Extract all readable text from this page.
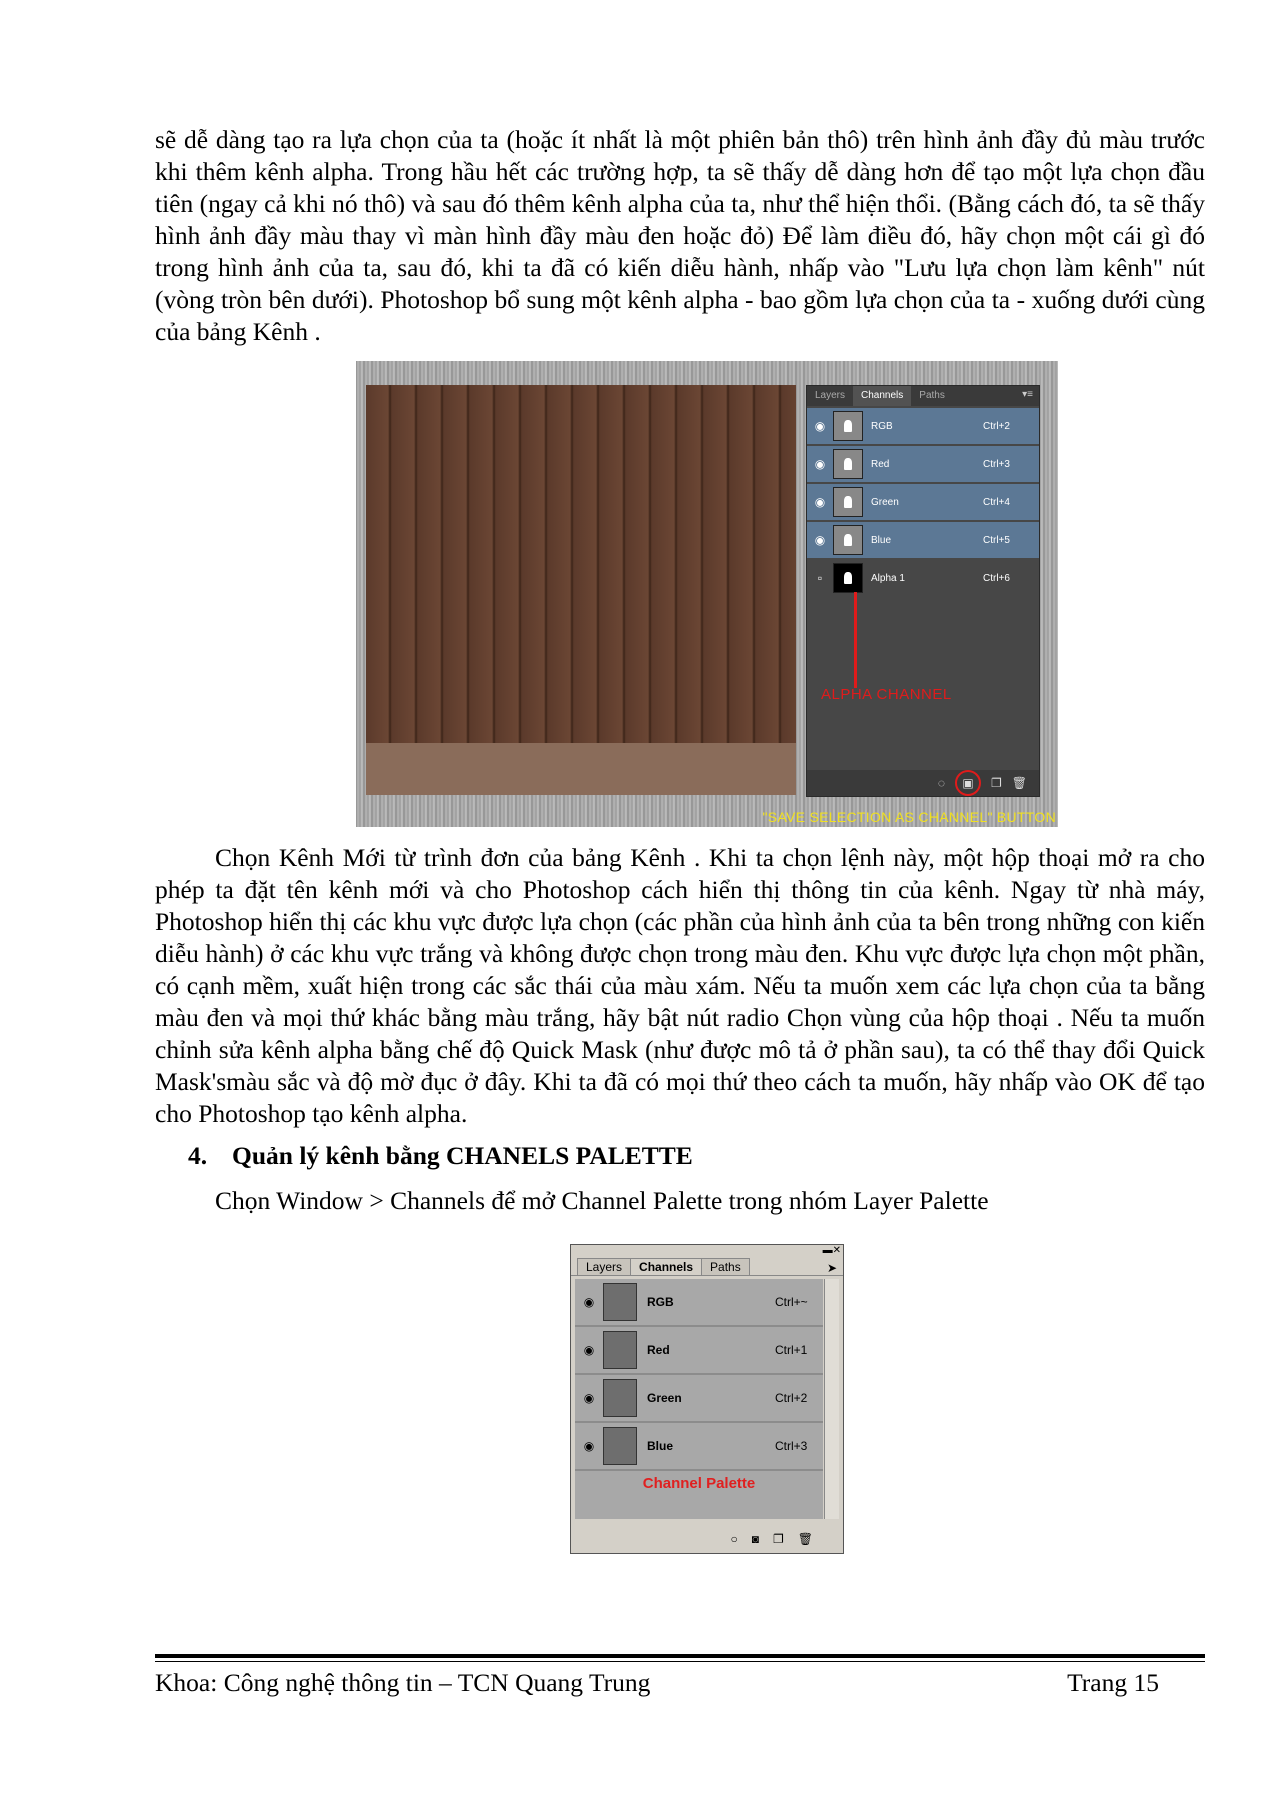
sẽ dễ dàng tạo ra lựa chọn của ta (hoặc ít nhất là một phiên bản thô) trên hình ảnh đầy đủ màu trước khi thêm kênh alpha. Trong hầu hết các trường hợp, ta sẽ thấy dễ dàng hơn để tạo một lựa chọn đầu tiên (ngay cả khi nó thô) và sau đó thêm kênh alpha của ta, như thể hiện thổi. (Bằng cách đó, ta sẽ thấy hình ảnh đầy màu thay vì màn hình đầy màu đen hoặc đỏ) Để làm điều đó, hãy chọn một cái gì đó trong hình ảnh của ta, sau đó, khi ta đã có kiến diễu hành, nhấp vào "Lưu lựa chọn làm kênh" nút (vòng tròn bên dưới). Photoshop bổ sung một kênh alpha - bao gồm lựa chọn của ta - xuống dưới cùng của bảng Kênh .

Layers	Channels	Paths	▾≡
◉	RGB	Ctrl+2
◉	Red	Ctrl+3
◉	Green	Ctrl+4
◉	Blue	Ctrl+5
▫	Alpha 1	Ctrl+6
ALPHA CHANNEL
◌	▣	❐ 🗑
"SAVE SELECTION AS CHANNEL" BUTTON

Chọn Kênh Mới từ trình đơn của bảng Kênh . Khi ta chọn lệnh này, một hộp thoại mở ra cho phép ta đặt tên kênh mới và cho Photoshop cách hiển thị thông tin của kênh. Ngay từ nhà máy, Photoshop hiển thị các khu vực được lựa chọn (các phần của hình ảnh của ta bên trong những con kiến diễu hành) ở các khu vực trắng và không được chọn trong màu đen. Khu vực được lựa chọn một phần, có cạnh mềm, xuất hiện trong các sắc thái của màu xám. Nếu ta muốn xem các lựa chọn của ta bằng màu đen và mọi thứ khác bằng màu trắng, hãy bật nút radio Chọn vùng của hộp thoại . Nếu ta muốn chỉnh sửa kênh alpha bằng chế độ Quick Mask (như được mô tả ở phần sau), ta có thể thay đổi Quick Mask'smàu sắc và độ mờ đục ở đây. Khi ta đã có mọi thứ theo cách ta muốn, hãy nhấp vào OK để tạo cho Photoshop tạo kênh alpha.

4. Quản lý kênh bằng CHANELS PALETTE

Chọn Window > Channels để mở Channel Palette trong nhóm Layer Palette

▬✕
Layers	Channels	Paths	➤
◉	RGB	Ctrl+~
◉	Red	Ctrl+1
◉	Green	Ctrl+2
◉	Blue	Ctrl+3
Channel Palette
○ ◙ ❐ 🗑
Khoa: Công nghệ thông tin – TCN Quang Trung	Trang 15
